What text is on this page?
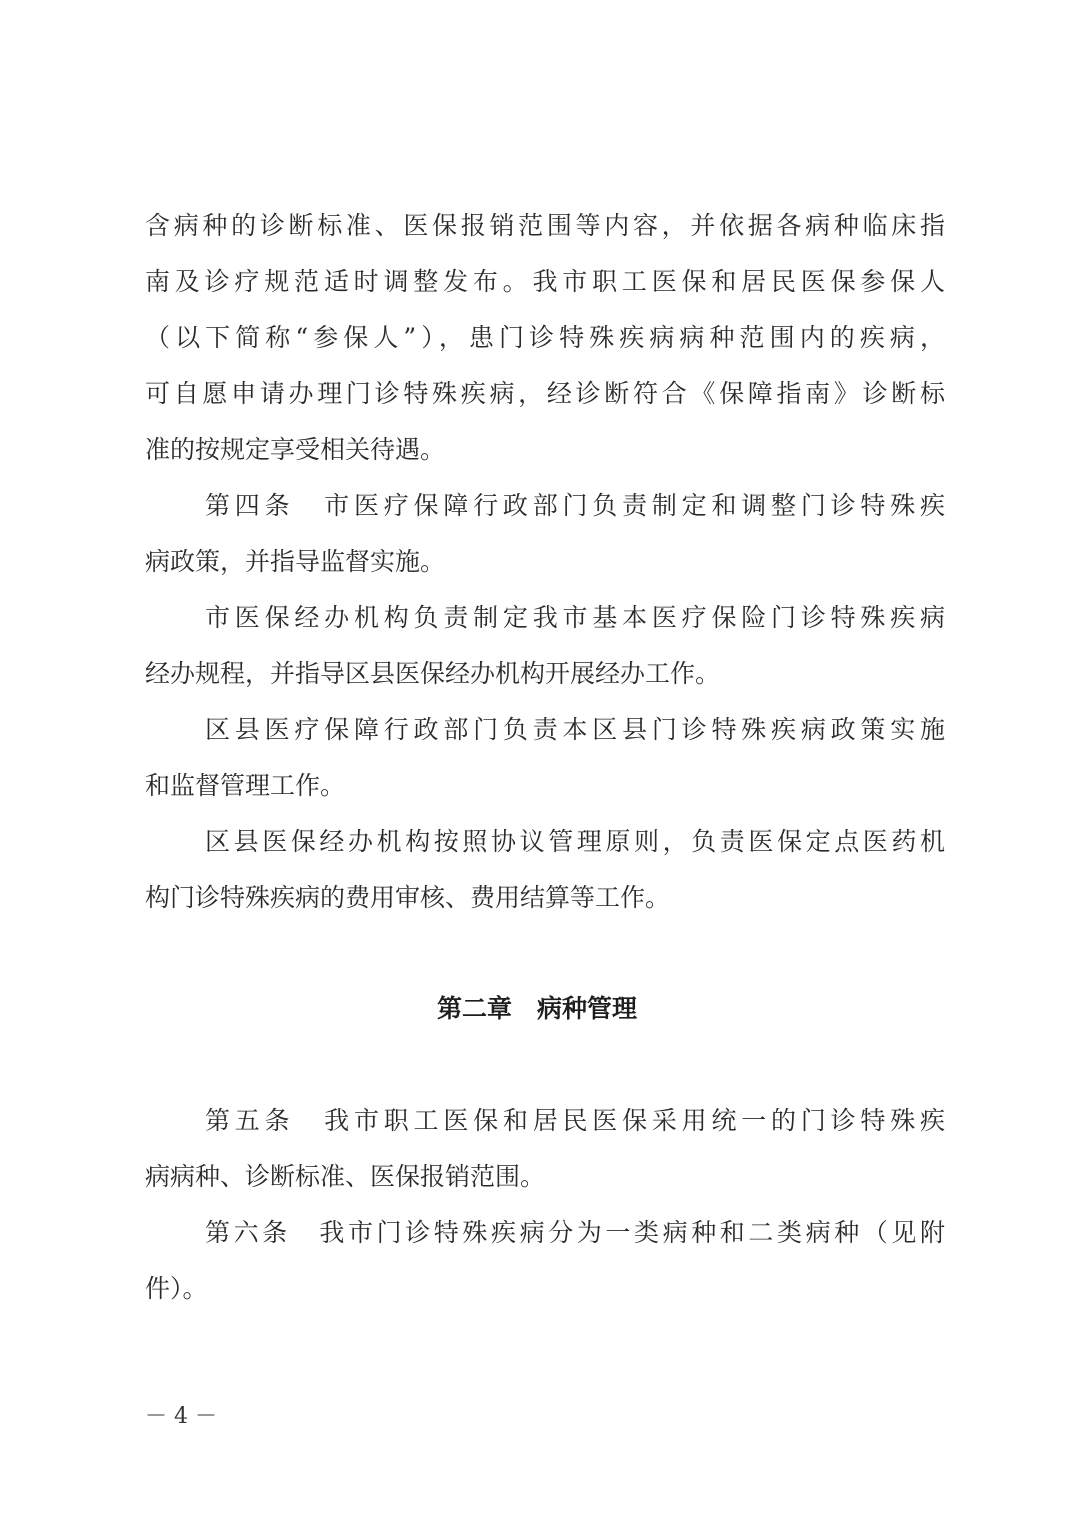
含病种的诊断标准、医保报销范围等内容，并依据各病种临床指
南及诊疗规范适时调整发布。我市职工医保和居民医保参保人
（以下简称“参保人”），患门诊特殊疾病病种范围内的疾病，
可自愿申请办理门诊特殊疾病，经诊断符合《保障指南》诊断标
准的按规定享受相关待遇。
第四条　市医疗保障行政部门负责制定和调整门诊特殊疾
病政策，并指导监督实施。
市医保经办机构负责制定我市基本医疗保险门诊特殊疾病
经办规程，并指导区县医保经办机构开展经办工作。
区县医疗保障行政部门负责本区县门诊特殊疾病政策实施
和监督管理工作。
区县医保经办机构按照协议管理原则，负责医保定点医药机
构门诊特殊疾病的费用审核、费用结算等工作。
第二章　病种管理
第五条　我市职工医保和居民医保采用统一的门诊特殊疾
病病种、诊断标准、医保报销范围。
第六条　我市门诊特殊疾病分为一类病种和二类病种（见附
件）。
－ 4 －
